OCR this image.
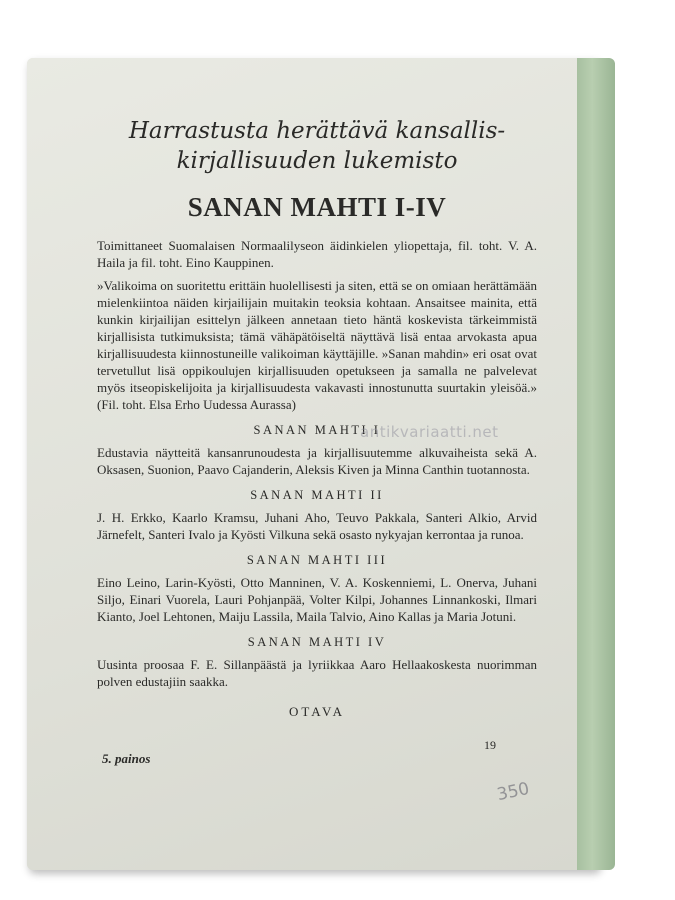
Harrastusta herättävä kansallis-
kirjallisuuden lukemisto
SANAN MAHTI I-IV

Toimittaneet Suomalaisen Normaalilyseon äidinkielen yliopettaja, fil. toht. V. A. Haila ja fil. toht. Eino Kauppinen.

»Valikoima on suoritettu erittäin huolellisesti ja siten, että se on omiaan herättämään mielenkiintoa näiden kirjailijain muitakin teoksia kohtaan. Ansaitsee mainita, että kunkin kirjailijan esittelyn jälkeen annetaan tieto häntä koskevista tärkeimmistä kirjallisista tutkimuksista; tämä vähäpätöiseltä näyttävä lisä entaa arvokasta apua kirjallisuudesta kiinnostuneille valikoiman käyttäjille. »Sanan mahdin» eri osat ovat tervetullut lisä oppikoulujen kirjallisuuden opetukseen ja samalla ne palvelevat myös itseopiskelijoita ja kirjallisuudesta vakavasti innostunutta suurtakin yleisöä.» (Fil. toht. Elsa Erho Uudessa Aurassa)

SANAN MAHTI I

Edustavia näytteitä kansanrunoudesta ja kirjallisuutemme alkuvaiheista sekä A. Oksasen, Suonion, Paavo Cajanderin, Aleksis Kiven ja Minna Canthin tuotannosta.

SANAN MAHTI II

J. H. Erkko, Kaarlo Kramsu, Juhani Aho, Teuvo Pakkala, Santeri Alkio, Arvid Järnefelt, Santeri Ivalo ja Kyösti Vilkuna sekä osasto nykyajan kerrontaa ja runoa.

SANAN MAHTI III

Eino Leino, Larin-Kyösti, Otto Manninen, V. A. Koskenniemi, L. Onerva, Juhani Siljo, Einari Vuorela, Lauri Pohjanpää, Volter Kilpi, Johannes Linnankoski, Ilmari Kianto, Joel Lehtonen, Maiju Lassila, Maila Talvio, Aino Kallas ja Maria Jotuni.

SANAN MAHTI IV

Uusinta proosaa F. E. Sillanpäästä ja lyriikkaa Aaro Hellaakoskesta nuorimman polven edustajiin saakka.

OTAVA
5. painos
19
antikvariaatti.net
350
